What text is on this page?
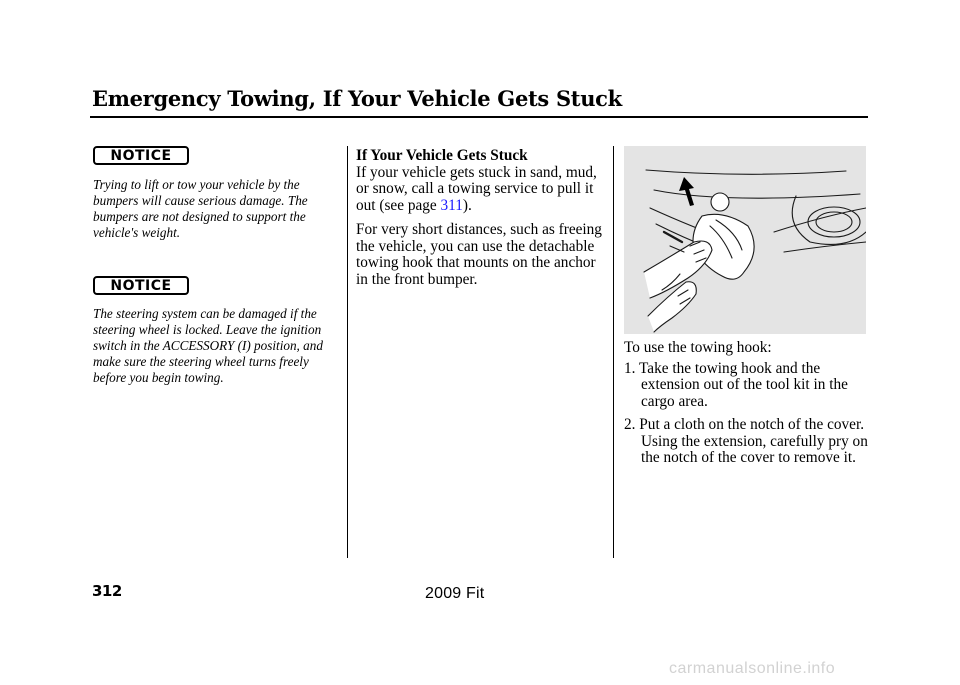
Emergency Towing, If Your Vehicle Gets Stuck
NOTICE
Trying to lift or tow your vehicle by the bumpers will cause serious damage. The bumpers are not designed to support the vehicle's weight.
NOTICE
The steering system can be damaged if the steering wheel is locked. Leave the ignition switch in the ACCESSORY (I) position, and make sure the steering wheel turns freely before you begin towing.

If Your Vehicle Gets Stuck
If your vehicle gets stuck in sand, mud, or snow, call a towing service to pull it out (see page 311).

For very short distances, such as freeing the vehicle, you can use the detachable towing hook that mounts on the anchor in the front bumper.

To use the towing hook:

1. Take the towing hook and the extension out of the tool kit in the cargo area.

2. Put a cloth on the notch of the cover. Using the extension, carefully pry on the notch of the cover to remove it.

312	2009 Fit
carmanualsonline.info
